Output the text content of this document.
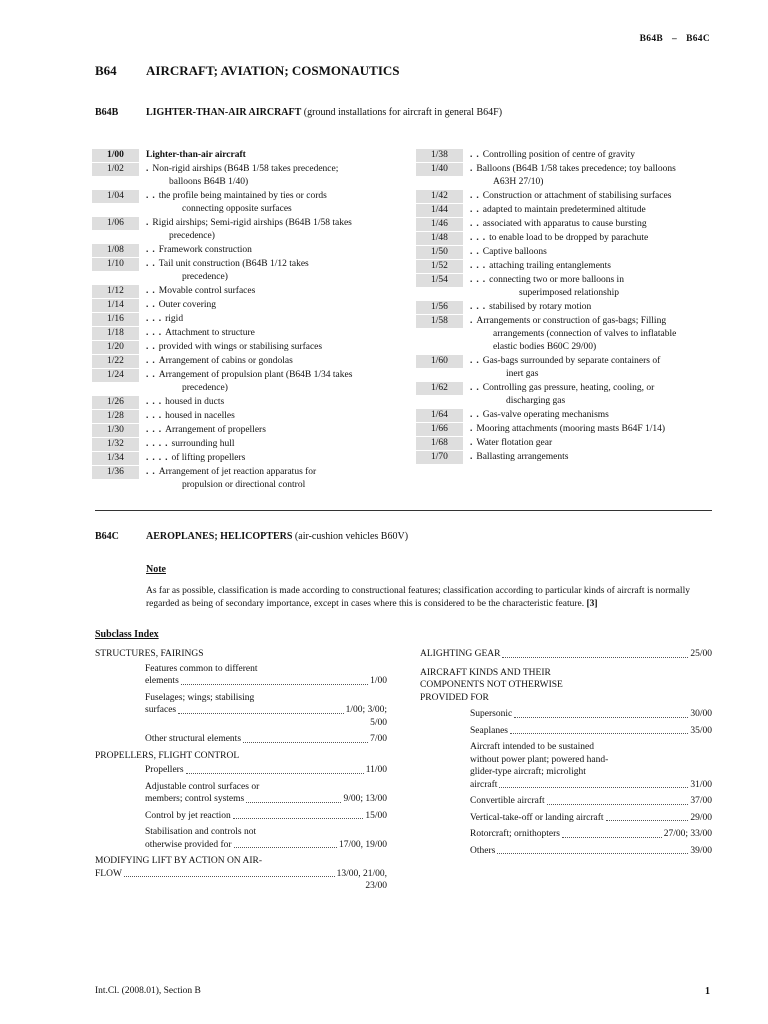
B64B – B64C
B64 AIRCRAFT; AVIATION; COSMONAUTICS
B64B	LIGHTER-THAN-AIR AIRCRAFT (ground installations for aircraft in general B64F)
1/00	Lighter-than-air aircraft
1/02	.Non-rigid airships (B64B 1/58 takes precedence;
balloons B64B 1/40)
1/04	..the profile being maintained by ties or cords
connecting opposite surfaces
1/06	.Rigid airships; Semi-rigid airships (B64B 1/58 takes
precedence)
1/08	..Framework construction
1/10	..Tail unit construction (B64B 1/12 takes
precedence)
1/12	..Movable control surfaces
1/14	..Outer covering
1/16	...rigid
1/18	...Attachment to structure
1/20	..provided with wings or stabilising surfaces
1/22	..Arrangement of cabins or gondolas
1/24	..Arrangement of propulsion plant (B64B 1/34 takes
precedence)
1/26	...housed in ducts
1/28	...housed in nacelles
1/30	...Arrangement of propellers
1/32	....surrounding hull
1/34	....of lifting propellers
1/36	..Arrangement of jet reaction apparatus for
propulsion or directional control
1/38	..Controlling position of centre of gravity
1/40	.Balloons (B64B 1/58 takes precedence; toy balloons
A63H 27/10)
1/42	..Construction or attachment of stabilising surfaces
1/44	..adapted to maintain predetermined altitude
1/46	..associated with apparatus to cause bursting
1/48	...to enable load to be dropped by parachute
1/50	..Captive balloons
1/52	...attaching trailing entanglements
1/54	...connecting two or more balloons in
superimposed relationship
1/56	...stabilised by rotary motion
1/58	.Arrangements or construction of gas-bags; Filling
arrangements (connection of valves to inflatable
elastic bodies B60C 29/00)
1/60	..Gas-bags surrounded by separate containers of
inert gas
1/62	..Controlling gas pressure, heating, cooling, or
discharging gas
1/64	..Gas-valve operating mechanisms
1/66	.Mooring attachments (mooring masts B64F 1/14)
1/68	.Water flotation gear
1/70	.Ballasting arrangements
B64C	AEROPLANES; HELICOPTERS (air-cushion vehicles B60V)
Note
As far as possible, classification is made according to constructional features; classification according to particular kinds of aircraft is normally regarded as being of secondary importance, except in cases where this is considered to be the characteristic feature. [3]
Subclass Index
STRUCTURES, FAIRINGS
Features common to different
elements	1/00
Fuselages; wings; stabilising
surfaces	1/00; 3/00;
5/00
Other structural elements	7/00
PROPELLERS, FLIGHT CONTROL
Propellers	11/00
Adjustable control surfaces or
members; control systems	9/00; 13/00
Control by jet reaction	15/00
Stabilisation and controls not
otherwise provided for	17/00, 19/00
MODIFYING LIFT BY ACTION ON AIR-
FLOW	13/00, 21/00,
23/00
ALIGHTING GEAR	25/00
AIRCRAFT KINDS AND THEIR
COMPONENTS NOT OTHERWISE
PROVIDED FOR
Supersonic	30/00
Seaplanes	35/00
Aircraft intended to be sustained
without power plant; powered hand-
glider-type aircraft; microlight
aircraft	31/00
Convertible aircraft	37/00
Vertical-take-off or landing aircraft	29/00
Rotorcraft; ornithopters	27/00; 33/00
Others	39/00
Int.Cl. (2008.01), Section B	1
